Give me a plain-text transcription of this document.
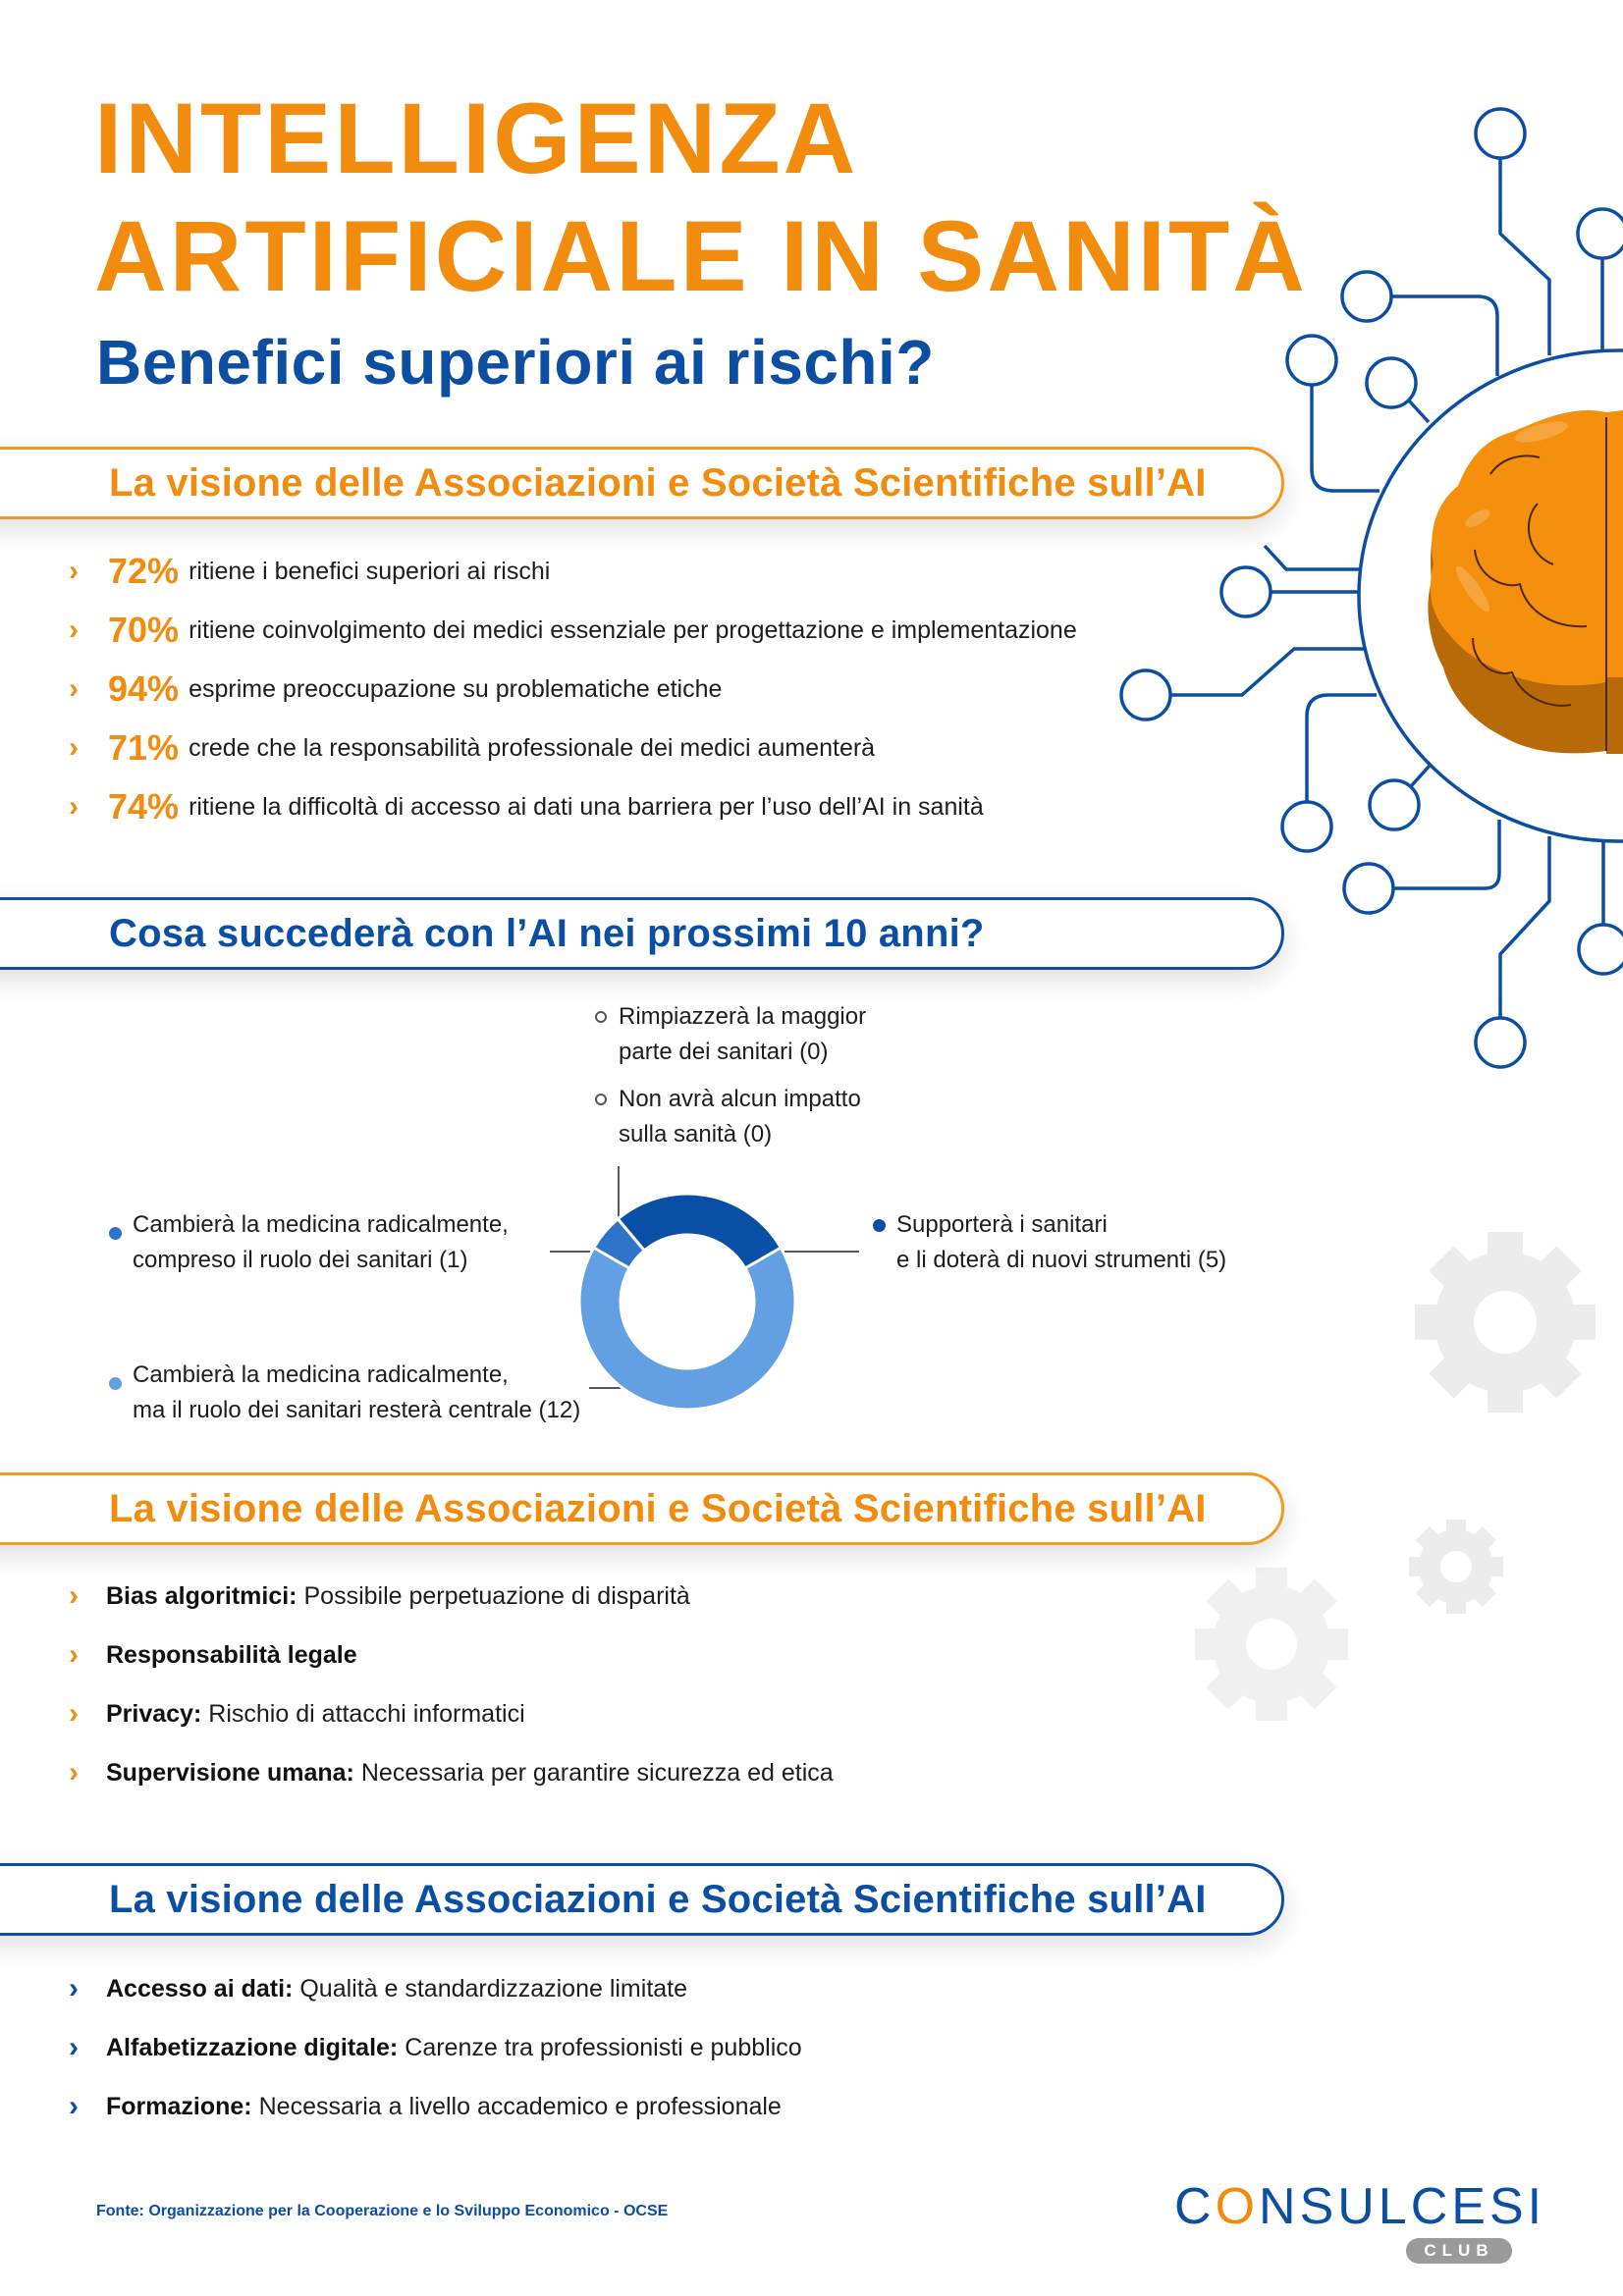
INTELLIGENZA
ARTIFICIALE IN SANITÀ
Benefici superiori ai rischi?
La visione delle Associazioni e Società Scientifiche sull’AI
› 72% ritiene i benefici superiori ai rischi
› 70% ritiene coinvolgimento dei medici essenziale per progettazione e implementazione
› 94% esprime preoccupazione su problematiche etiche
› 71% crede che la responsabilità professionale dei medici aumenterà
› 74% ritiene la difficoltà di accesso ai dati una barriera per l’uso dell’AI in sanità
Cosa succederà con l’AI nei prossimi 10 anni?
Rimpiazzerà la maggior
parte dei sanitari (0)
Non avrà alcun impatto
sulla sanità (0)
Cambierà la medicina radicalmente,
compreso il ruolo dei sanitari (1)
Supporterà i sanitari
e li doterà di nuovi strumenti (5)
Cambierà la medicina radicalmente,
ma il ruolo dei sanitari resterà centrale (12)
La visione delle Associazioni e Società Scientifiche sull’AI
›	Bias algoritmici: Possibile perpetuazione di disparità
›	Responsabilità legale
›	Privacy: Rischio di attacchi informatici
›	Supervisione umana: Necessaria per garantire sicurezza ed etica
La visione delle Associazioni e Società Scientifiche sull’AI
›	Accesso ai dati: Qualità e standardizzazione limitate
›	Alfabetizzazione digitale: Carenze tra professionisti e pubblico
›	Formazione: Necessaria a livello accademico e professionale
Fonte: Organizzazione per la Cooperazione e lo Sviluppo Economico - OCSE	CONSULCESI
CLUB
